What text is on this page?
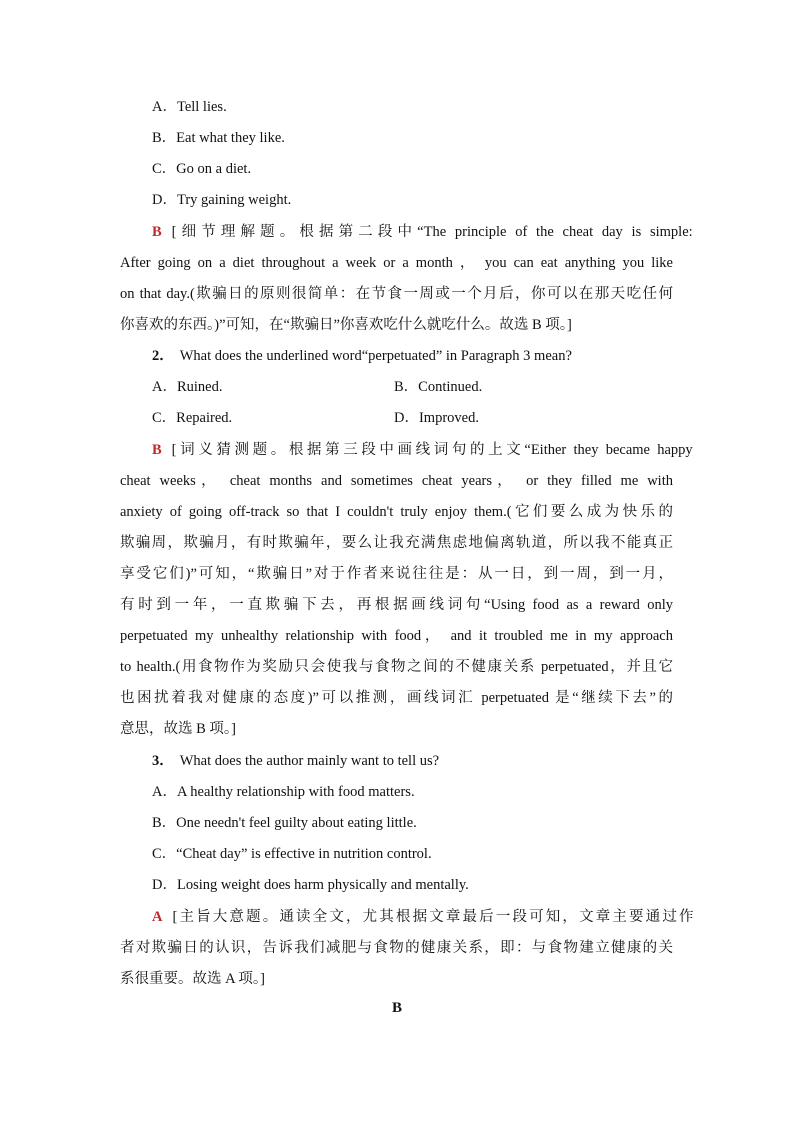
A．Tell lies.
B．Eat what they like.
C．Go on a diet.
D．Try gaining weight.
B [细节理解题。根据第二段中“The principle of the cheat day is simple:
After going on a diet throughout a week or a month ， you can eat anything you like
on that day.(欺骗日的原则很简单：在节食一周或一个月后，你可以在那天吃任何
你喜欢的东西。)”可知，在“欺骗日”你喜欢吃什么就吃什么。故选 B 项。]
2． What does the underlined word“perpetuated” in Paragraph 3 mean?
A．Ruined.	B．Continued.
C．Repaired.	D．Improved.
B [词义猜测题。根据第三段中画线词句的上文“Either they became happy
cheat weeks， cheat months and sometimes cheat years， or they filled me with
anxiety of going off-track so that I couldn't truly enjoy them.(它们要么成为快乐的
欺骗周，欺骗月，有时欺骗年，要么让我充满焦虑地偏离轨道，所以我不能真正
享受它们)”可知，“欺骗日”对于作者来说往往是：从一日，到一周，到一月，
有时到一年，一直欺骗下去，再根据画线词句“Using food as a reward only
perpetuated my unhealthy relationship with food， and it troubled me in my approach
to health.(用食物作为奖励只会使我与食物之间的不健康关系 perpetuated，并且它
也困扰着我对健康的态度)”可以推测，画线词汇 perpetuated 是“继续下去”的
意思，故选 B 项。]
3． What does the author mainly want to tell us?
A．A healthy relationship with food matters.
B．One needn't feel guilty about eating little.
C．“Cheat day” is effective in nutrition control.
D．Losing weight does harm physically and mentally.
A [主旨大意题。通读全文，尤其根据文章最后一段可知，文章主要通过作
者对欺骗日的认识，告诉我们减肥与食物的健康关系，即：与食物建立健康的关
系很重要。故选 A 项。]
B
